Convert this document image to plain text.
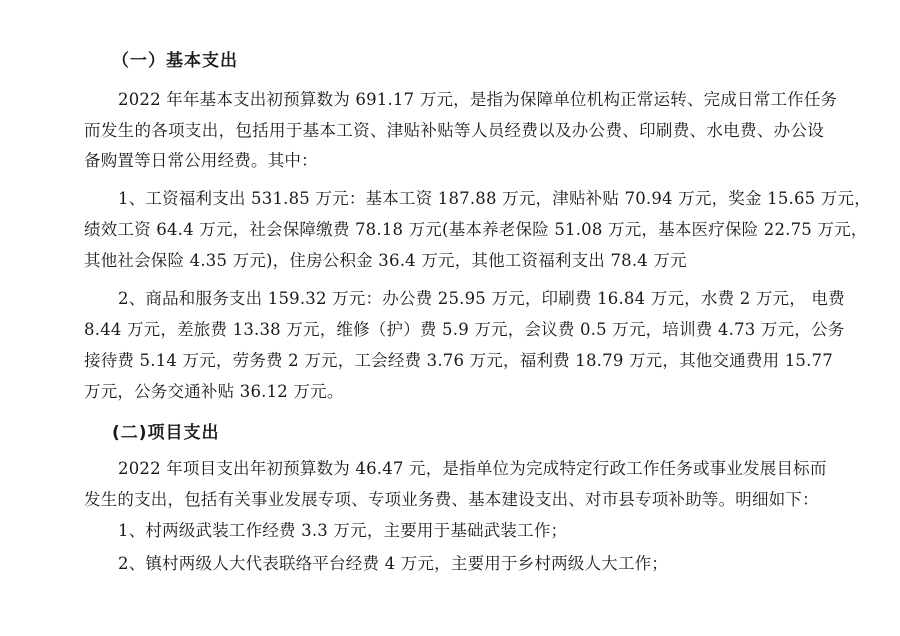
（一）基本支出
2022 年年基本支出初预算数为 691.17 万元，是指为保障单位机构正常运转、完成日常工作任务
而发生的各项支出，包括用于基本工资、津贴补贴等人员经费以及办公费、印刷费、水电费、办公设
备购置等日常公用经费。其中：
1、工资福利支出 531.85 万元：基本工资 187.88 万元，津贴补贴 70.94 万元，奖金 15.65 万元，
绩效工资 64.4 万元，社会保障缴费 78.18 万元(基本养老保险 51.08 万元，基本医疗保险 22.75 万元，
其他社会保险 4.35 万元)，住房公积金 36.4 万元，其他工资福利支出 78.4 万元
2、商品和服务支出 159.32 万元：办公费 25.95 万元，印刷费 16.84 万元，水费 2 万元， 电费
8.44 万元，差旅费 13.38 万元，维修（护）费 5.9 万元，会议费 0.5 万元，培训费 4.73 万元，公务
接待费 5.14 万元，劳务费 2 万元，工会经费 3.76 万元，福利费 18.79 万元，其他交通费用 15.77
万元，公务交通补贴 36.12 万元。
(二)项目支出
2022 年项目支出年初预算数为 46.47 元，是指单位为完成特定行政工作任务或事业发展目标而
发生的支出，包括有关事业发展专项、专项业务费、基本建设支出、对市县专项补助等。明细如下：
1、村两级武装工作经费 3.3 万元，主要用于基础武装工作；
2、镇村两级人大代表联络平台经费 4 万元，主要用于乡村两级人大工作；
